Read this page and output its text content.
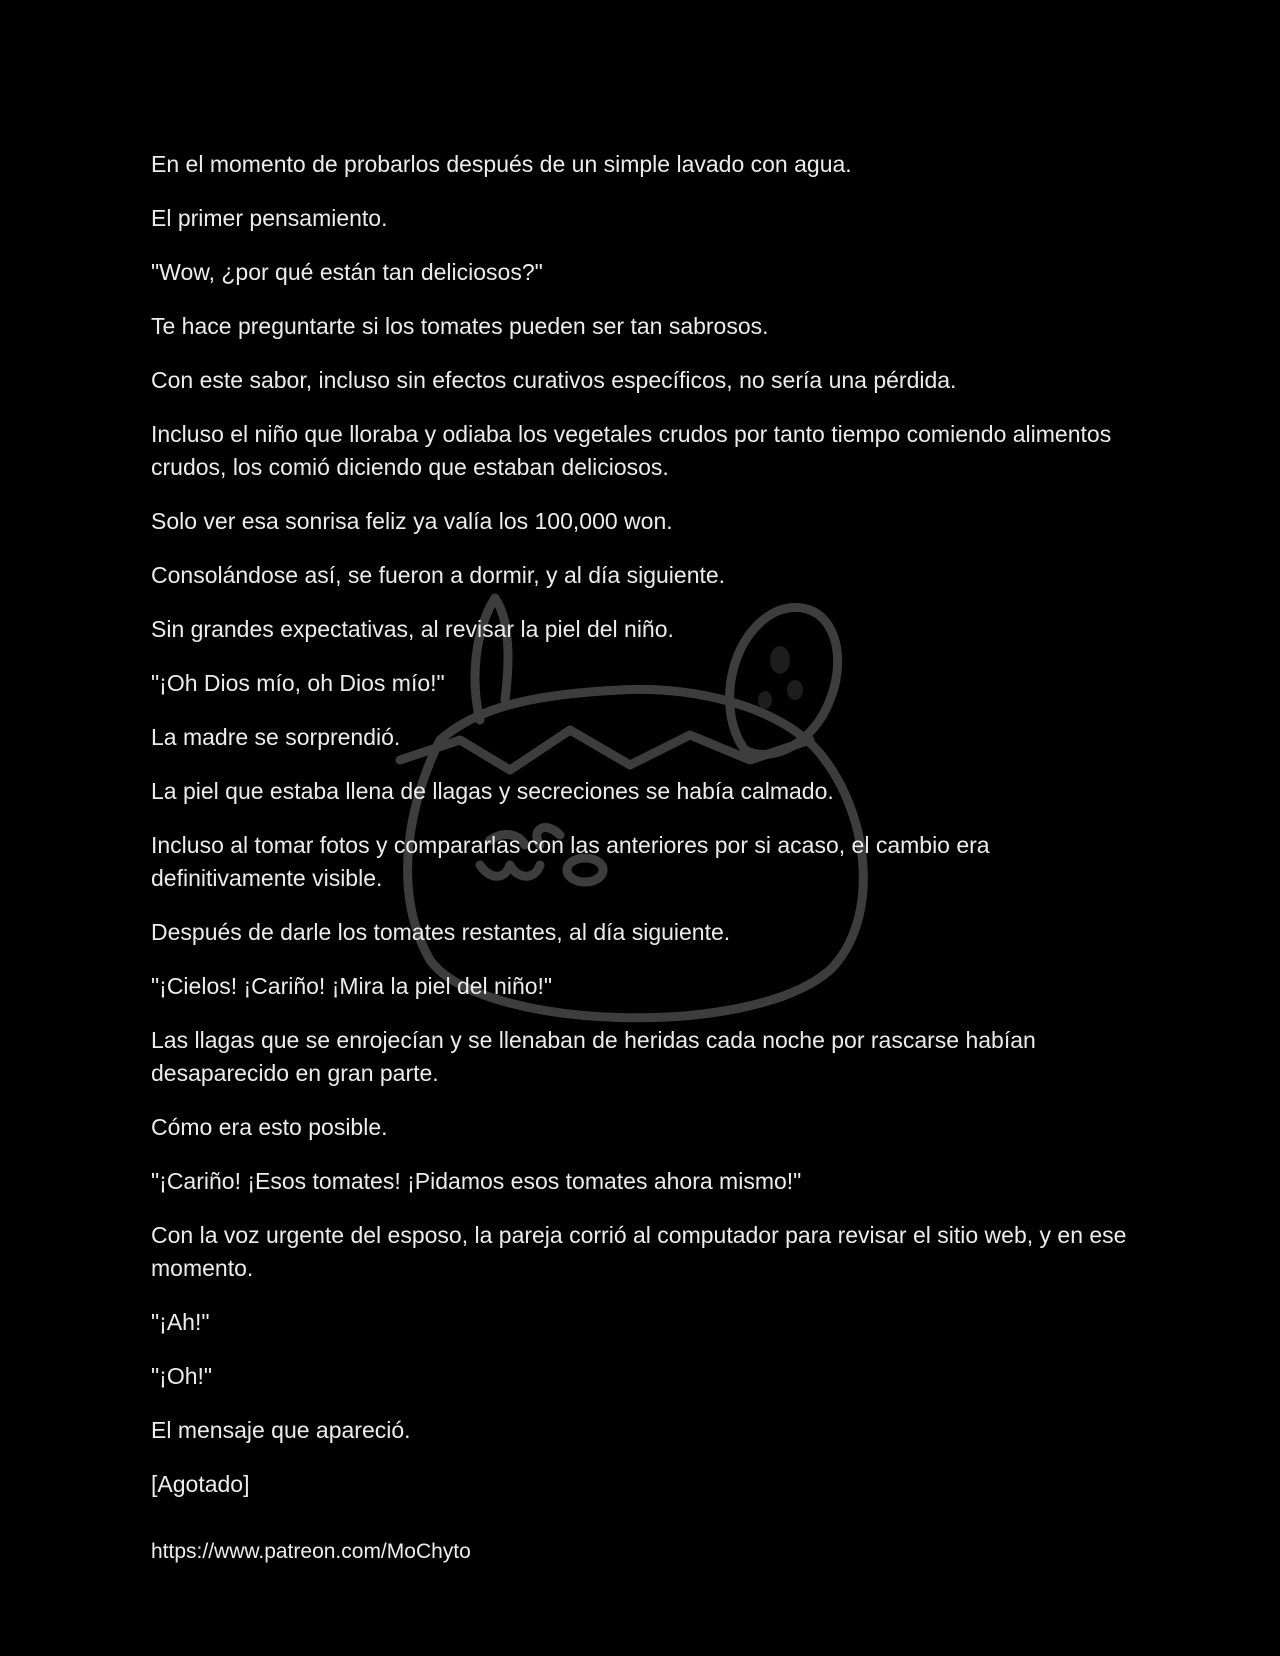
En el momento de probarlos después de un simple lavado con agua.

El primer pensamiento.

"Wow, ¿por qué están tan deliciosos?"

Te hace preguntarte si los tomates pueden ser tan sabrosos.

Con este sabor, incluso sin efectos curativos específicos, no sería una pérdida.

Incluso el niño que lloraba y odiaba los vegetales crudos por tanto tiempo comiendo alimentos crudos, los comió diciendo que estaban deliciosos.

Solo ver esa sonrisa feliz ya valía los 100,000 won.

Consolándose así, se fueron a dormir, y al día siguiente.

Sin grandes expectativas, al revisar la piel del niño.

"¡Oh Dios mío, oh Dios mío!"

La madre se sorprendió.

La piel que estaba llena de llagas y secreciones se había calmado.

Incluso al tomar fotos y compararlas con las anteriores por si acaso, el cambio era definitivamente visible.

Después de darle los tomates restantes, al día siguiente.

"¡Cielos! ¡Cariño! ¡Mira la piel del niño!"

Las llagas que se enrojecían y se llenaban de heridas cada noche por rascarse habían desaparecido en gran parte.

Cómo era esto posible.

"¡Cariño! ¡Esos tomates! ¡Pidamos esos tomates ahora mismo!"

Con la voz urgente del esposo, la pareja corrió al computador para revisar el sitio web, y en ese momento.

"¡Ah!"

"¡Oh!"

El mensaje que apareció.

[Agotado]

https://www.patreon.com/MoChyto
